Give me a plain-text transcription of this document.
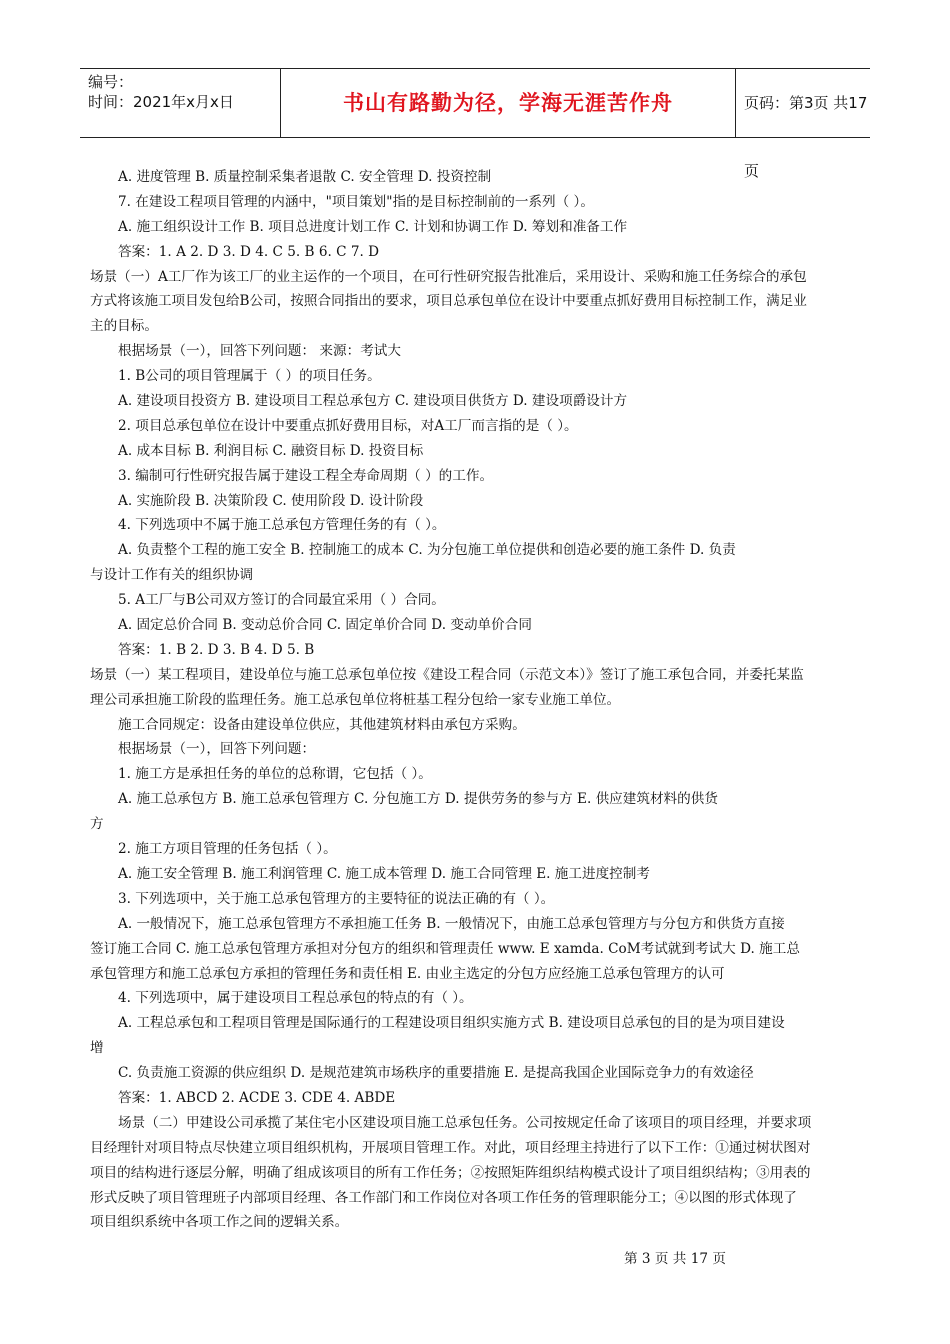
编号：
时间：2021年x月x日	书山有路勤为径，学海无涯苦作舟	页码：第3页 共17页
A. 进度管理 B. 质量控制采集者退散 C. 安全管理 D. 投资控制
7. 在建设工程项目管理的内涵中，"项目策划"指的是目标控制前的一系列（ ）。
A. 施工组织设计工作 B. 项目总进度计划工作 C. 计划和协调工作 D. 筹划和准备工作
答案：1. A 2. D 3. D 4. C 5. B 6. C 7. D
场景（一）A工厂作为该工厂的业主运作的一个项目，在可行性研究报告批准后，采用设计、采购和施工任务综合的承包
方式将该施工项目发包给B公司，按照合同指出的要求，项目总承包单位在设计中要重点抓好费用目标控制工作，满足业
主的目标。
根据场景（一），回答下列问题： 来源：考试大
1. B公司的项目管理属于（ ）的项目任务。
A. 建设项目投资方 B. 建设项目工程总承包方 C. 建设项目供货方 D. 建设项爵设计方
2. 项目总承包单位在设计中要重点抓好费用目标，对A工厂而言指的是（ ）。
A. 成本目标 B. 利润目标 C. 融资目标 D. 投资目标
3. 编制可行性研究报告属于建设工程全寿命周期（ ）的工作。
A. 实施阶段 B. 决策阶段 C. 使用阶段 D. 设计阶段
4. 下列选项中不属于施工总承包方管理任务的有（ ）。
A. 负责整个工程的施工安全 B. 控制施工的成本 C. 为分包施工单位提供和创造必要的施工条件 D. 负责
与设计工作有关的组织协调
5. A工厂与B公司双方签订的合同最宜采用（ ）合同。
A. 固定总价合同 B. 变动总价合同 C. 固定单价合同 D. 变动单价合同
答案：1. B 2. D 3. B 4. D 5. B
场景（一）某工程项目，建设单位与施工总承包单位按《建设工程合同（示范文本）》签订了施工承包合同，并委托某监
理公司承担施工阶段的监理任务。施工总承包单位将桩基工程分包给一家专业施工单位。
施工合同规定：设备由建设单位供应，其他建筑材料由承包方采购。
根据场景（一），回答下列问题：
1. 施工方是承担任务的单位的总称谓，它包括（ ）。
A. 施工总承包方 B. 施工总承包管理方 C. 分包施工方 D. 提供劳务的参与方 E. 供应建筑材料的供货
方
2. 施工方项目管理的任务包括（ ）。
A. 施工安全管理 B. 施工利润管理 C. 施工成本管理 D. 施工合同管理 E. 施工进度控制考
3. 下列选项中，关于施工总承包管理方的主要特征的说法正确的有（ ）。
A. 一般情况下，施工总承包管理方不承担施工任务 B. 一般情况下，由施工总承包管理方与分包方和供货方直接
签订施工合同 C. 施工总承包管理方承担对分包方的组织和管理责任 www. E xamda. CoM考试就到考试大 D. 施工总
承包管理方和施工总承包方承担的管理任务和责任相 E. 由业主选定的分包方应经施工总承包管理方的认可
4. 下列选项中，属于建设项目工程总承包的特点的有（ ）。
A. 工程总承包和工程项目管理是国际通行的工程建设项目组织实施方式 B. 建设项目总承包的目的是为项目建设
增
C. 负责施工资源的供应组织 D. 是规范建筑市场秩序的重要措施 E. 是提高我国企业国际竞争力的有效途径
答案：1. ABCD 2. ACDE 3. CDE 4. ABDE
场景（二）甲建设公司承揽了某住宅小区建设项目施工总承包任务。公司按规定任命了该项目的项目经理，并要求项
目经理针对项目特点尽快建立项目组织机构，开展项目管理工作。对此，项目经理主持进行了以下工作：①通过树状图对
项目的结构进行逐层分解，明确了组成该项目的所有工作任务；②按照矩阵组织结构模式设计了项目组织结构；③用表的
形式反映了项目管理班子内部项目经理、各工作部门和工作岗位对各项工作任务的管理职能分工；④以图的形式体现了
项目组织系统中各项工作之间的逻辑关系。
第 3 页 共 17 页
